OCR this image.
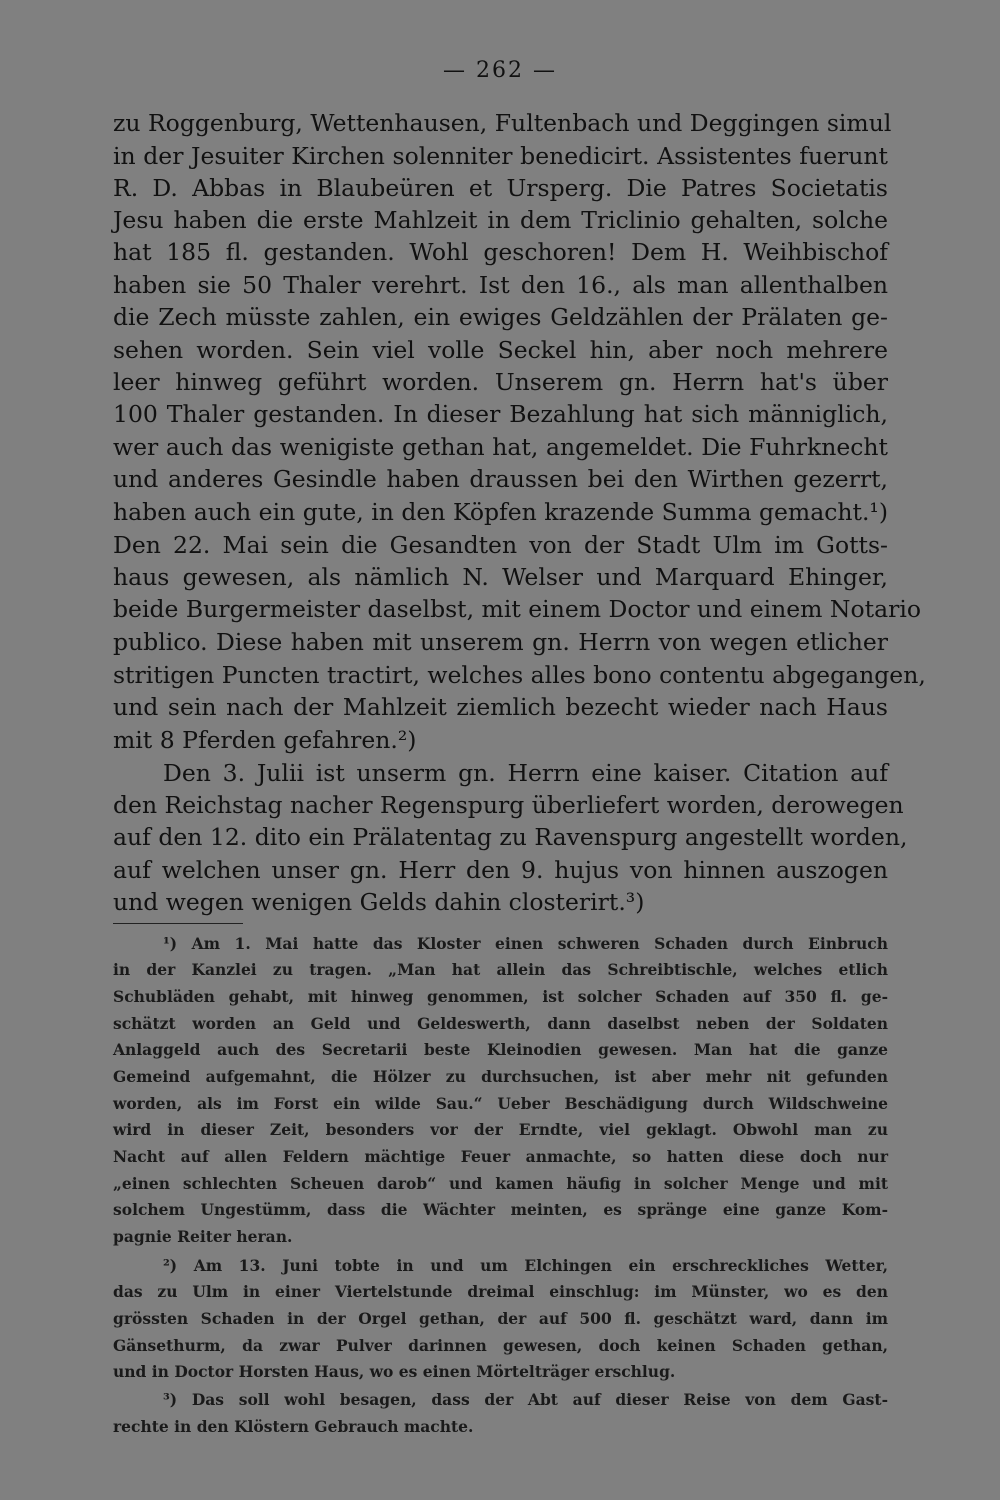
— 262 —
zu Roggenburg, Wettenhausen, Fultenbach und Deggingen simul
in der Jesuiter Kirchen solenniter benedicirt. Assistentes fuerunt
R. D. Abbas in Blaubeüren et Ursperg. Die Patres Societatis
Jesu haben die erste Mahlzeit in dem Triclinio gehalten, solche
hat 185 fl. gestanden. Wohl geschoren! Dem H. Weihbischof
haben sie 50 Thaler verehrt. Ist den 16., als man allenthalben
die Zech müsste zahlen, ein ewiges Geldzählen der Prälaten ge-
sehen worden. Sein viel volle Seckel hin, aber noch mehrere
leer hinweg geführt worden. Unserem gn. Herrn hat's über
100 Thaler gestanden. In dieser Bezahlung hat sich männiglich,
wer auch das wenigiste gethan hat, angemeldet. Die Fuhrknecht
und anderes Gesindle haben draussen bei den Wirthen gezerrt,
haben auch ein gute, in den Köpfen krazende Summa gemacht.¹)
Den 22. Mai sein die Gesandten von der Stadt Ulm im Gotts-
haus gewesen, als nämlich N. Welser und Marquard Ehinger,
beide Burgermeister daselbst, mit einem Doctor und einem Notario
publico. Diese haben mit unserem gn. Herrn von wegen etlicher
stritigen Puncten tractirt, welches alles bono contentu abgegangen,
und sein nach der Mahlzeit ziemlich bezecht wieder nach Haus
mit 8 Pferden gefahren.²)
Den 3. Julii ist unserm gn. Herrn eine kaiser. Citation auf
den Reichstag nacher Regenspurg überliefert worden, derowegen
auf den 12. dito ein Prälatentag zu Ravenspurg angestellt worden,
auf welchen unser gn. Herr den 9. hujus von hinnen auszogen
und wegen wenigen Gelds dahin closterirt.³)
¹) Am 1. Mai hatte das Kloster einen schweren Schaden durch Einbruch
in der Kanzlei zu tragen. „Man hat allein das Schreibtischle, welches etlich
Schubläden gehabt, mit hinweg genommen, ist solcher Schaden auf 350 fl. ge-
schätzt worden an Geld und Geldeswerth, dann daselbst neben der Soldaten
Anlaggeld auch des Secretarii beste Kleinodien gewesen. Man hat die ganze
Gemeind aufgemahnt, die Hölzer zu durchsuchen, ist aber mehr nit gefunden
worden, als im Forst ein wilde Sau.“ Ueber Beschädigung durch Wildschweine
wird in dieser Zeit, besonders vor der Erndte, viel geklagt. Obwohl man zu
Nacht auf allen Feldern mächtige Feuer anmachte, so hatten diese doch nur
„einen schlechten Scheuen darob“ und kamen häufig in solcher Menge und mit
solchem Ungestümm, dass die Wächter meinten, es spränge eine ganze Kom-
pagnie Reiter heran.
²) Am 13. Juni tobte in und um Elchingen ein erschreckliches Wetter,
das zu Ulm in einer Viertelstunde dreimal einschlug: im Münster, wo es den
grössten Schaden in der Orgel gethan, der auf 500 fl. geschätzt ward, dann im
Gänsethurm, da zwar Pulver darinnen gewesen, doch keinen Schaden gethan,
und in Doctor Horsten Haus, wo es einen Mörtelträger erschlug.
³) Das soll wohl besagen, dass der Abt auf dieser Reise von dem Gast-
rechte in den Klöstern Gebrauch machte.
